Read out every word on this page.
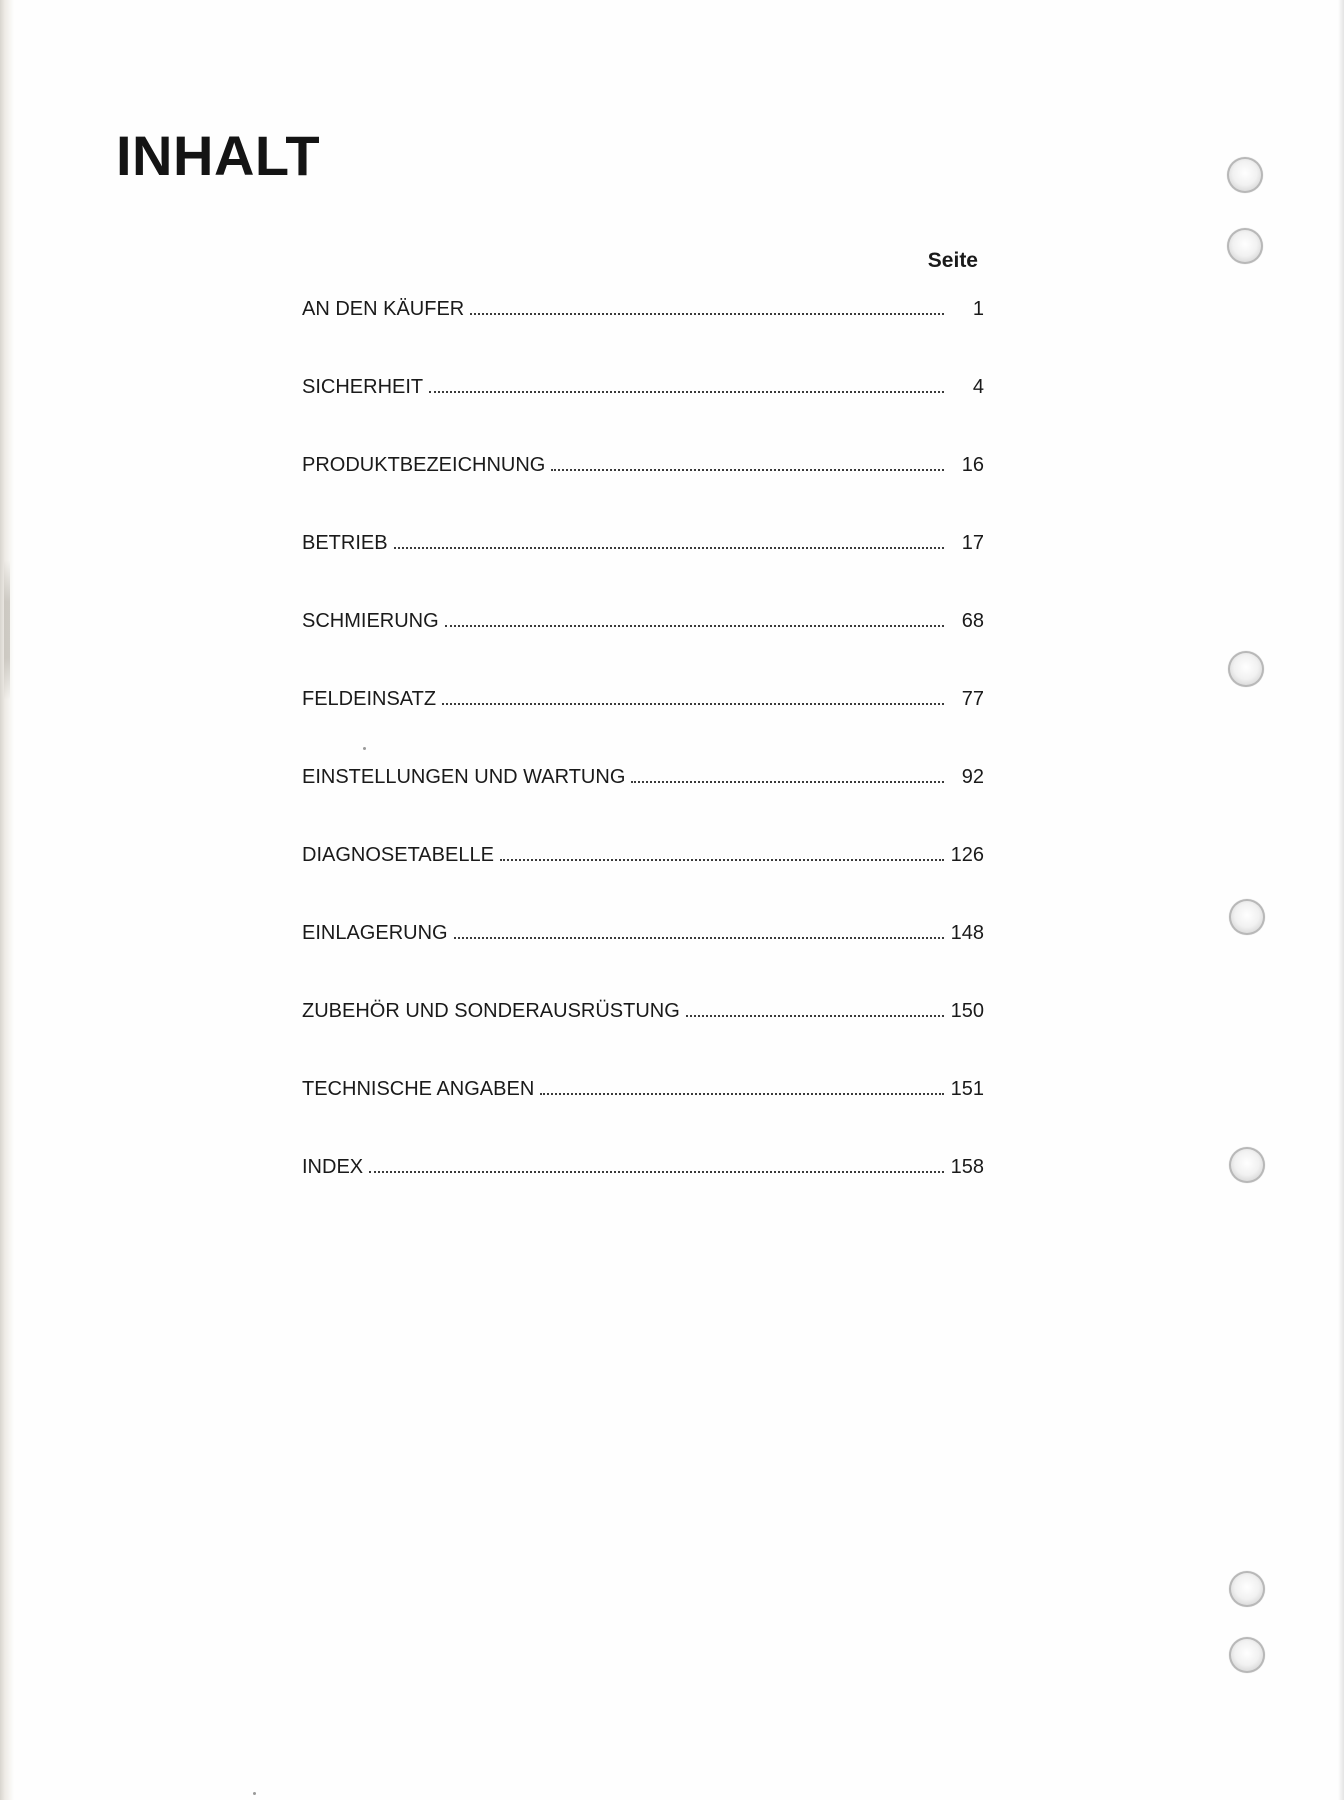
INHALT
Seite
AN DEN KÄUFER	1
SICHERHEIT	4
PRODUKTBEZEICHNUNG	16
BETRIEB	17
SCHMIERUNG	68
FELDEINSATZ	77
EINSTELLUNGEN UND WARTUNG	92
DIAGNOSETABELLE	126
EINLAGERUNG	148
ZUBEHÖR UND SONDERAUSRÜSTUNG	150
TECHNISCHE ANGABEN	151
INDEX	158
